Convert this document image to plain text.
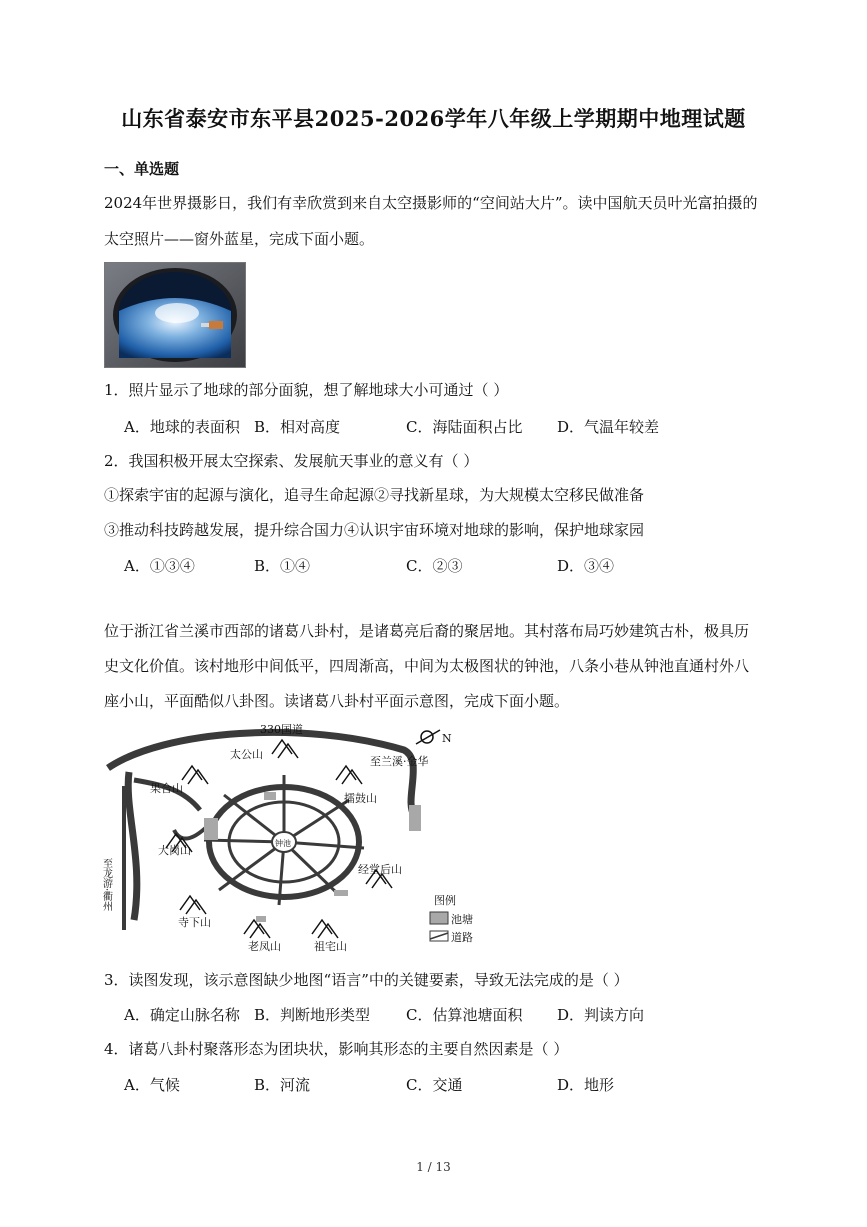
山东省泰安市东平县2025-2026学年八年级上学期期中地理试题
一、单选题
2024年世界摄影日，我们有幸欣赏到来自太空摄影师的“空间站大片”。读中国航天员叶光富拍摄的
太空照片——窗外蓝星，完成下面小题。
1．照片显示了地球的部分面貌，想了解地球大小可通过（ ）
A．地球的表面积 B．相对高度	C．海陆面积占比 D．气温年较差
2．我国积极开展太空探索、发展航天事业的意义有（ ）
①探索宇宙的起源与演化，追寻生命起源②寻找新星球，为大规模太空移民做准备
③推动科技跨越发展，提升综合国力④认识宇宙环境对地球的影响，保护地球家园
A．①③④	B．①④	C．②③	D．③④
位于浙江省兰溪市西部的诸葛八卦村，是诸葛亮后裔的聚居地。其村落布局巧妙建筑古朴，极具历
史文化价值。该村地形中间低平，四周渐高，中间为太极图状的钟池，八条小巷从钟池直通村外八
座小山，平面酷似八卦图。读诸葛八卦村平面示意图，完成下面小题。
N
330国道
太公山
至兰溪·金华
果合山
擂鼓山
大岗山
钟池
经堂后山
寺下山
老凤山	祖宅山
至龙游·衢州	图例
池塘
道路
3．读图发现，该示意图缺少地图“语言”中的关键要素，导致无法完成的是（ ）
A．确定山脉名称 B．判断地形类型 C．估算池塘面积 D．判读方向
4．诸葛八卦村聚落形态为团块状，影响其形态的主要自然因素是（ ）
A．气候	B．河流	C．交通	D．地形
1 / 13
